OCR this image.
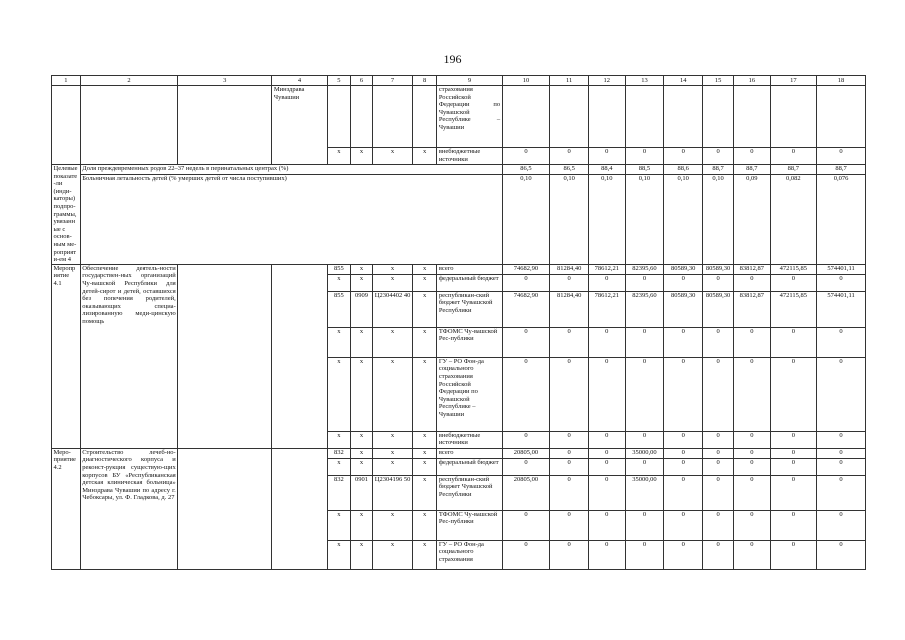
196
1	2	3	4	5	6	7	8	9	10	11	12	13	14	15	16	17	18
			Минздрава Чувашии					страхования Российской Федерации по Чувашской Республике – Чувашии									
				х	х	х	х	внебюджетные источники	0	0	0	0	0	0	0	0	0
Целевые показате-ли (инди-каторы) подпро-граммы, увязанные с основ-ным ме-роприяти-ем 4	Доля преждевременных родов 22–37 недель в перинатальных центрах (%)								86,5	86,5	88,4	88,5	88,6	88,7	88,7	88,7	88,7
	Больничная летальность детей (% умерших детей от числа поступивших)								0,10	0,10	0,10	0,10	0,10	0,10	0,09	0,082	0,076
Мероприятие 4.1	Обеспечение деятель-ности государствен-ных организаций Чу-вашской Республики для детей-сирот и детей, оставшихся без попечения родителей, оказывающих специа-лизированную меди-цинскую помощь			855	х	х	х	всего	74682,90	81284,40	78612,21	82395,60	80589,30	80589,30	83812,87	472115,85	574401,11
				х	х	х	х	федеральный бюджет	0	0	0	0	0	0	0	0	0
				855	0909	Ц2304402 40	х	республикан-ский бюджет Чувашской Республики	74682,90	81284,40	78612,21	82395,60	80589,30	80589,30	83812,87	472115,85	574401,11
				х	х	х	х	ТФОМС Чу-вашской Рес-публики	0	0	0	0	0	0	0	0	0
				х	х	х	х	ГУ – РО Фон-да социального страхования Российской Федерации по Чувашской Республике – Чувашии	0	0	0	0	0	0	0	0	0
				х	х	х	х	внебюджетные источники	0	0	0	0	0	0	0	0	0
Меро-приятие 4.2	Строительство лечеб-но-диагностического корпуса и реконст-рукция существую-щих корпусов БУ «Республиканская детская клиническая больница» Минздрава Чувашии по адресу г. Чебоксары, ул. Ф. Гладкова, д. 27			832	х	х	х	всего	20805,00	0	0	35000,00	0	0	0	0	0
				х	х	х	х	федеральный бюджет	0	0	0	0	0	0	0	0	0
				832	0901	Ц2304196 50	х	республикан-ский бюджет Чувашской Республики	20805,00	0	0	35000,00	0	0	0	0	0
				х	х	х	х	ТФОМС Чу-вашской Рес-публики	0	0	0	0	0	0	0	0	0
				х	х	х	х	ГУ – РО Фон-да социального страхования	0	0	0	0	0	0	0	0	0
